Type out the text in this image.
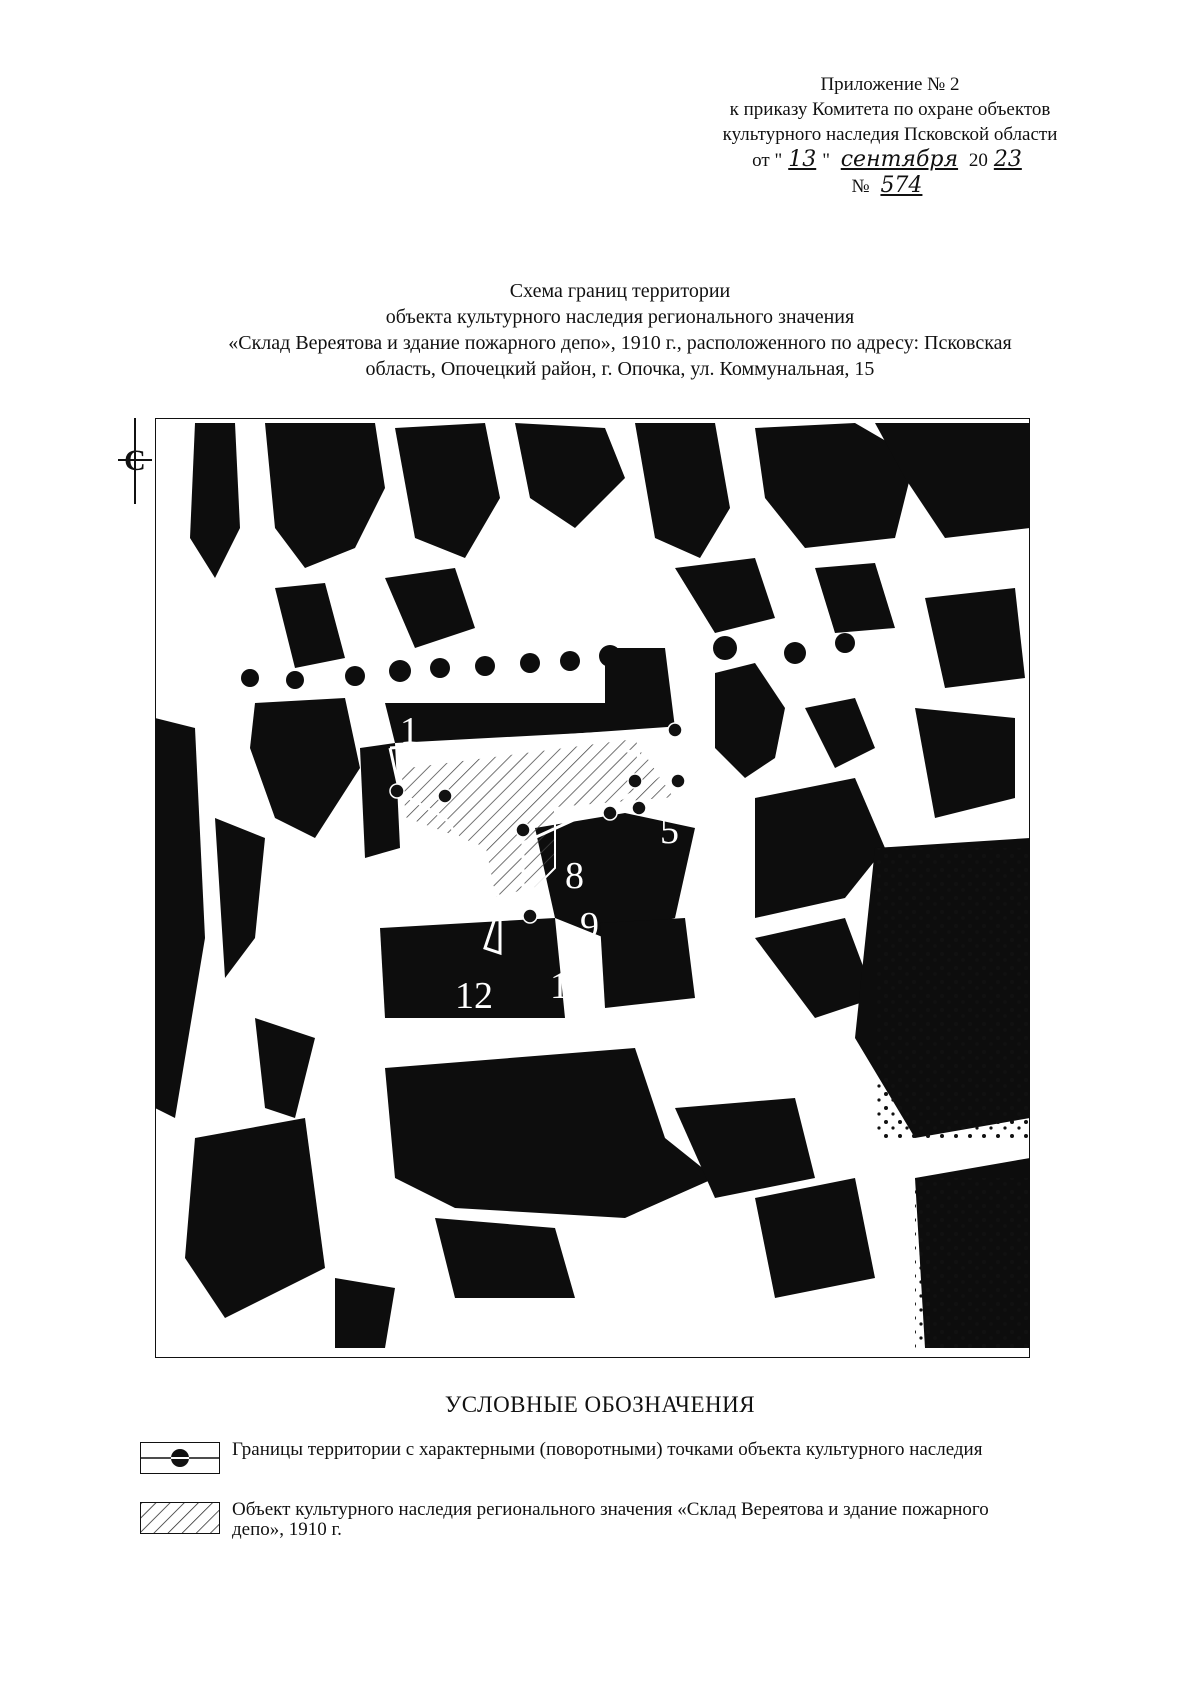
Приложение № 2
к приказу Комитета по охране объектов
культурного наследия Псковской области
от " 13 " сентября 20 23
№ 574
Схема границ территории
объекта культурного наследия регионального значения
«Склад Вереятова и здание пожарного депо», 1910 г., расположенного по адресу: Псковская
область, Опочецкий район, г. Опочка, ул. Коммунальная, 15
С
1	4
3
5
8
9
12 11
УСЛОВНЫЕ ОБОЗНАЧЕНИЯ
Границы территории с характерными (поворотными) точками объекта культурного наследия
Объект культурного наследия регионального значения «Склад Вереятова и здание пожарного депо», 1910 г.
